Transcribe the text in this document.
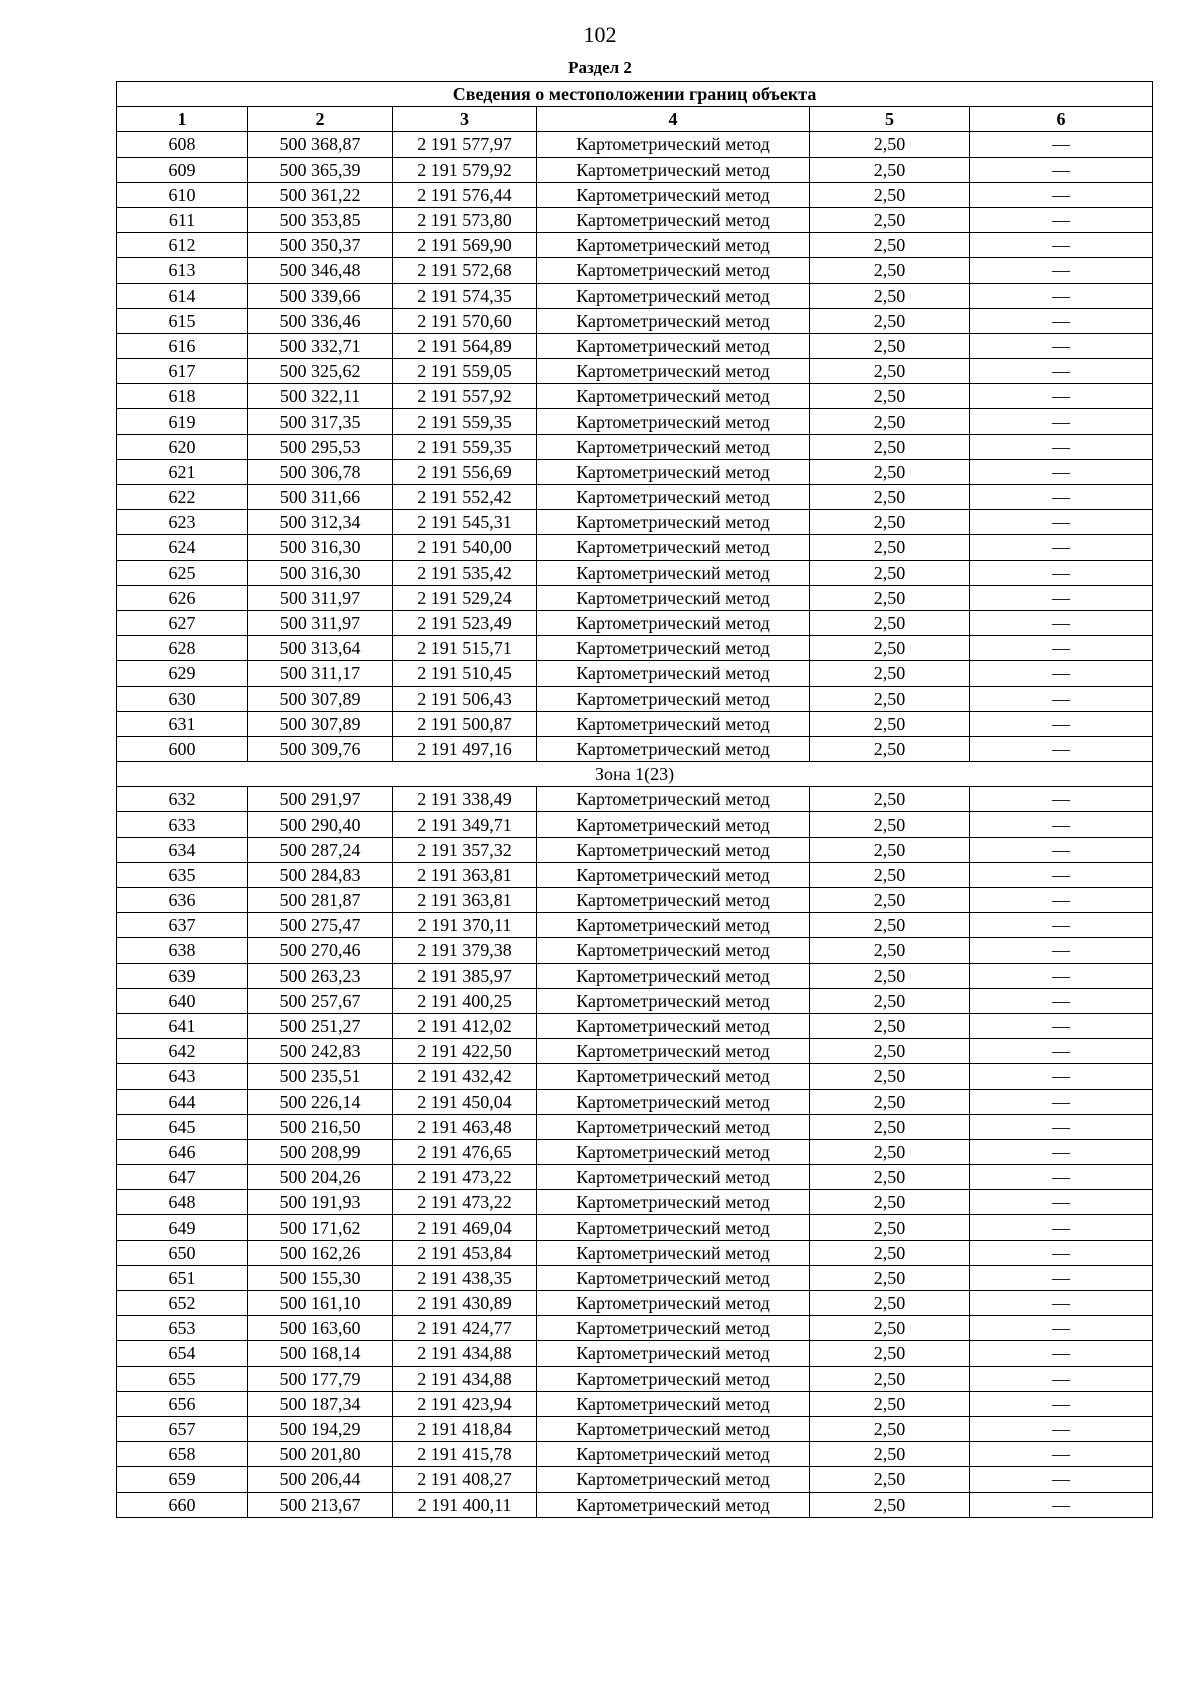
102
Раздел 2
Сведения о местоположении границ объекта					
1	2	3	4	5	6
608	500 368,87	2 191 577,97	Картометрический метод	2,50	—
609	500 365,39	2 191 579,92	Картометрический метод	2,50	—
610	500 361,22	2 191 576,44	Картометрический метод	2,50	—
611	500 353,85	2 191 573,80	Картометрический метод	2,50	—
612	500 350,37	2 191 569,90	Картометрический метод	2,50	—
613	500 346,48	2 191 572,68	Картометрический метод	2,50	—
614	500 339,66	2 191 574,35	Картометрический метод	2,50	—
615	500 336,46	2 191 570,60	Картометрический метод	2,50	—
616	500 332,71	2 191 564,89	Картометрический метод	2,50	—
617	500 325,62	2 191 559,05	Картометрический метод	2,50	—
618	500 322,11	2 191 557,92	Картометрический метод	2,50	—
619	500 317,35	2 191 559,35	Картометрический метод	2,50	—
620	500 295,53	2 191 559,35	Картометрический метод	2,50	—
621	500 306,78	2 191 556,69	Картометрический метод	2,50	—
622	500 311,66	2 191 552,42	Картометрический метод	2,50	—
623	500 312,34	2 191 545,31	Картометрический метод	2,50	—
624	500 316,30	2 191 540,00	Картометрический метод	2,50	—
625	500 316,30	2 191 535,42	Картометрический метод	2,50	—
626	500 311,97	2 191 529,24	Картометрический метод	2,50	—
627	500 311,97	2 191 523,49	Картометрический метод	2,50	—
628	500 313,64	2 191 515,71	Картометрический метод	2,50	—
629	500 311,17	2 191 510,45	Картометрический метод	2,50	—
630	500 307,89	2 191 506,43	Картометрический метод	2,50	—
631	500 307,89	2 191 500,87	Картометрический метод	2,50	—
600	500 309,76	2 191 497,16	Картометрический метод	2,50	—
Зона 1(23)					
632	500 291,97	2 191 338,49	Картометрический метод	2,50	—
633	500 290,40	2 191 349,71	Картометрический метод	2,50	—
634	500 287,24	2 191 357,32	Картометрический метод	2,50	—
635	500 284,83	2 191 363,81	Картометрический метод	2,50	—
636	500 281,87	2 191 363,81	Картометрический метод	2,50	—
637	500 275,47	2 191 370,11	Картометрический метод	2,50	—
638	500 270,46	2 191 379,38	Картометрический метод	2,50	—
639	500 263,23	2 191 385,97	Картометрический метод	2,50	—
640	500 257,67	2 191 400,25	Картометрический метод	2,50	—
641	500 251,27	2 191 412,02	Картометрический метод	2,50	—
642	500 242,83	2 191 422,50	Картометрический метод	2,50	—
643	500 235,51	2 191 432,42	Картометрический метод	2,50	—
644	500 226,14	2 191 450,04	Картометрический метод	2,50	—
645	500 216,50	2 191 463,48	Картометрический метод	2,50	—
646	500 208,99	2 191 476,65	Картометрический метод	2,50	—
647	500 204,26	2 191 473,22	Картометрический метод	2,50	—
648	500 191,93	2 191 473,22	Картометрический метод	2,50	—
649	500 171,62	2 191 469,04	Картометрический метод	2,50	—
650	500 162,26	2 191 453,84	Картометрический метод	2,50	—
651	500 155,30	2 191 438,35	Картометрический метод	2,50	—
652	500 161,10	2 191 430,89	Картометрический метод	2,50	—
653	500 163,60	2 191 424,77	Картометрический метод	2,50	—
654	500 168,14	2 191 434,88	Картометрический метод	2,50	—
655	500 177,79	2 191 434,88	Картометрический метод	2,50	—
656	500 187,34	2 191 423,94	Картометрический метод	2,50	—
657	500 194,29	2 191 418,84	Картометрический метод	2,50	—
658	500 201,80	2 191 415,78	Картометрический метод	2,50	—
659	500 206,44	2 191 408,27	Картометрический метод	2,50	—
660	500 213,67	2 191 400,11	Картометрический метод	2,50	—
